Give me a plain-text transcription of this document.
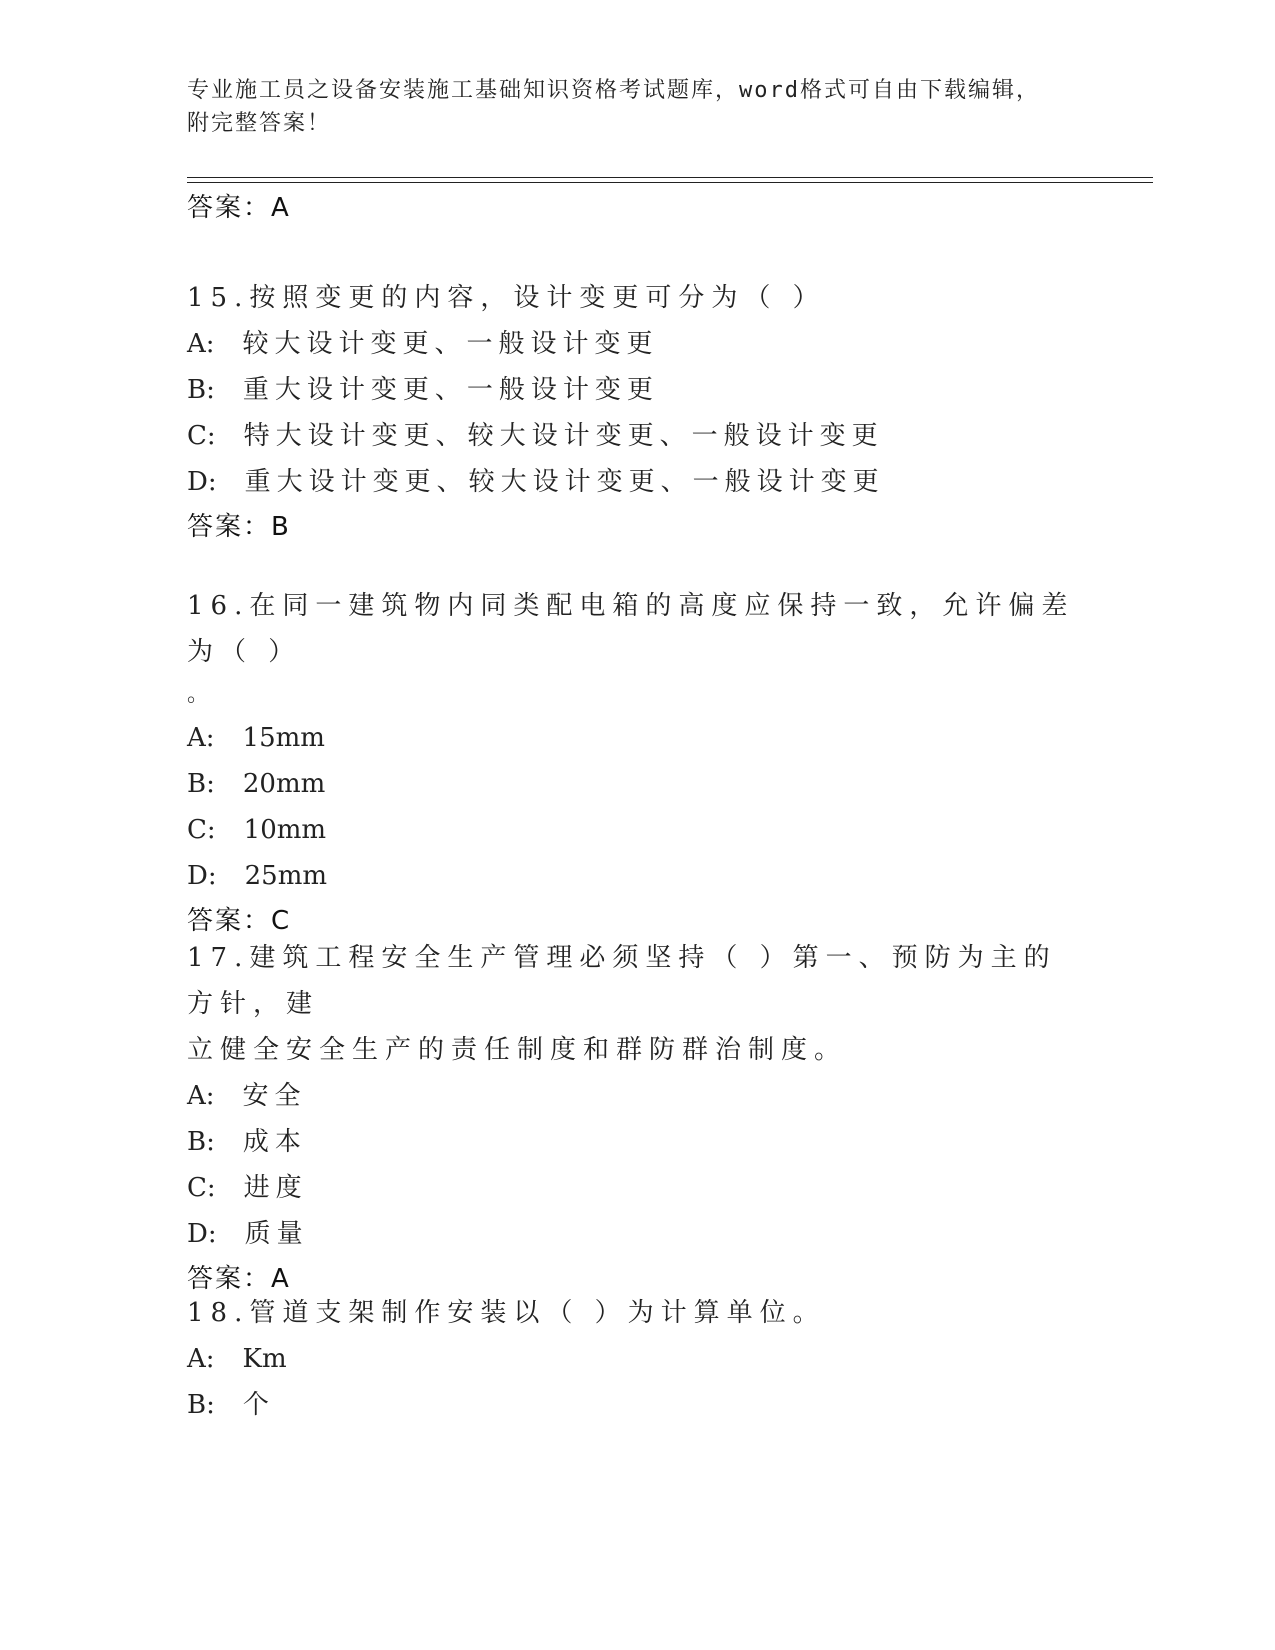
专业施工员之设备安装施工基础知识资格考试题库，word格式可自由下载编辑，
附完整答案！
答案：A
15.按照变更的内容，设计变更可分为（ ）
A: 较大设计变更、一般设计变更
B: 重大设计变更、一般设计变更
C: 特大设计变更、较大设计变更、一般设计变更
D: 重大设计变更、较大设计变更、一般设计变更
答案：B
16.在同一建筑物内同类配电箱的高度应保持一致，允许偏差为（ ）
。
A: 15mm
B: 20mm
C: 10mm
D: 25mm
答案：C
17.建筑工程安全生产管理必须坚持（ ）第一、预防为主的方针，建
立健全安全生产的责任制度和群防群治制度。
A: 安全
B: 成本
C: 进度
D: 质量
答案：A
18.管道支架制作安装以（ ）为计算单位。
A: Km
B: 个
